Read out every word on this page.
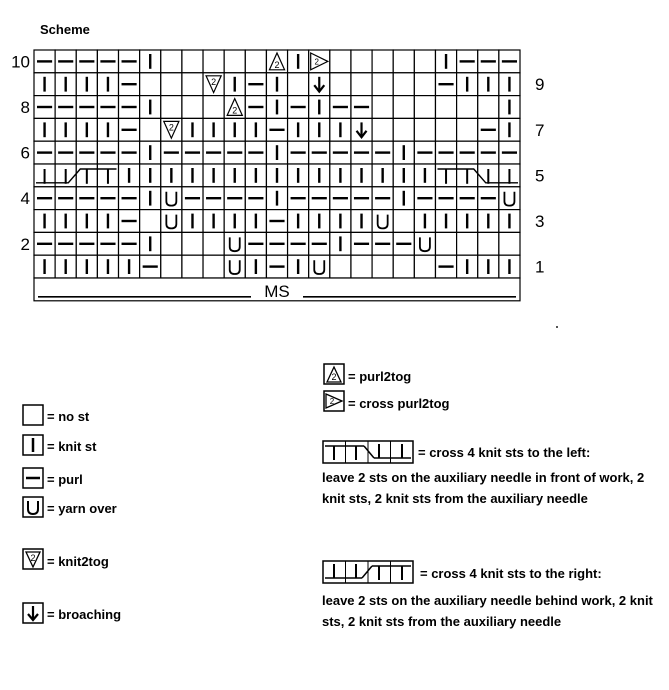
Scheme
2	2
2
2
2
MS
10
9
8
7
6
5
4
3
2
1
= no st
= knit st
= purl
= yarn over
2 = knit2tog
= broaching
2 = purl2tog
2 = cross purl2tog
= cross 4 knit sts to the left:
leave 2 sts on the auxiliary needle in front of work, 2 knit sts, 2 knit sts from the auxiliary needle
= cross 4 knit sts to the right:
leave 2 sts on the auxiliary needle behind work, 2 knit sts, 2 knit sts from the auxiliary needle
